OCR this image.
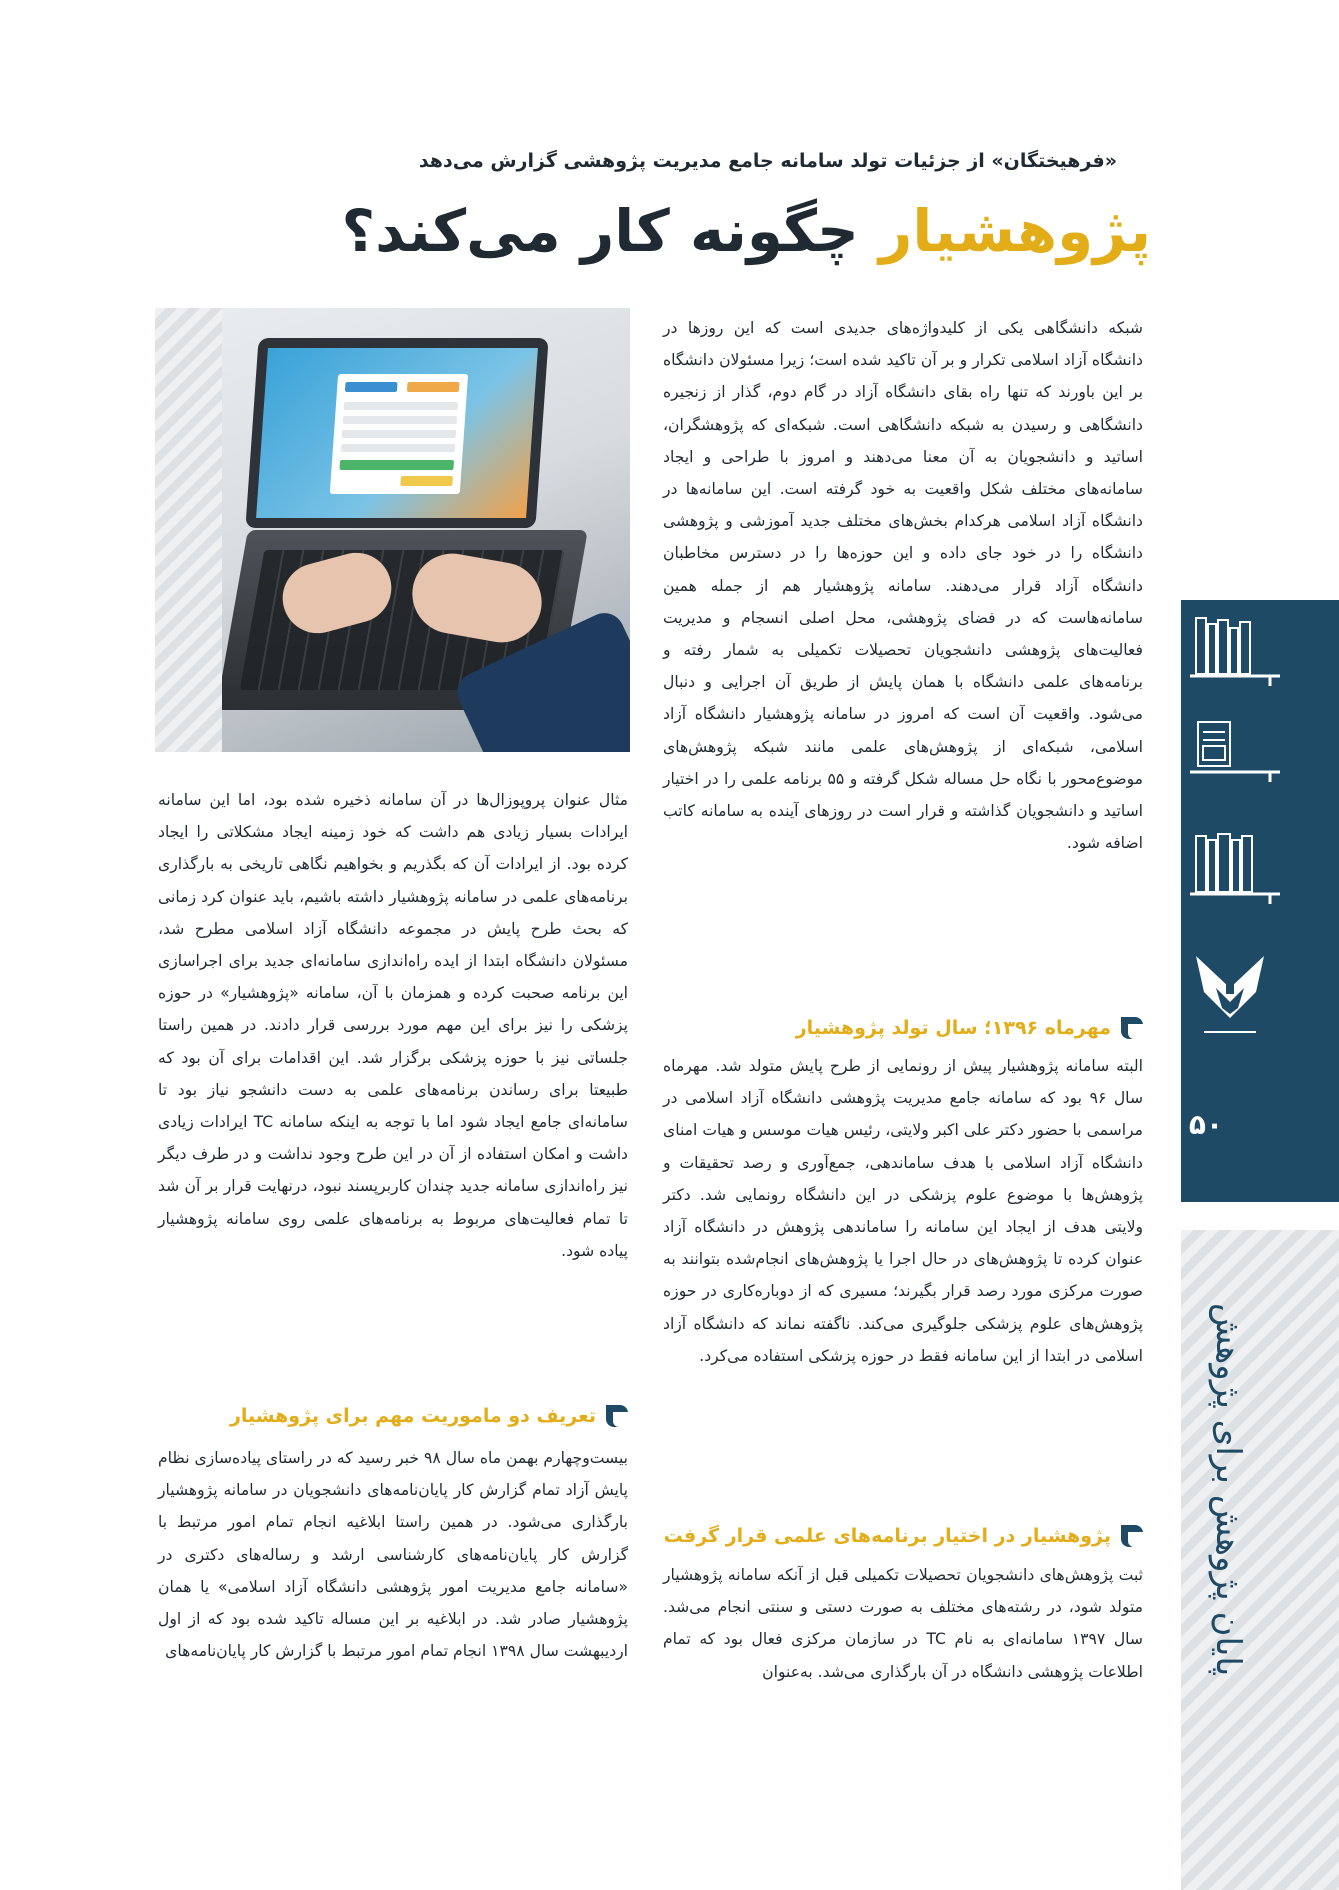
«فرهیختگان» از جزئیات تولد سامانه جامع مدیریت پژوهشی گزارش می‌دهد
پژوهشیار چگونه کار می‌کند؟

شبکه دانشگاهی یکی از کلیدواژه‌های جدیدی است که این روزها در دانشگاه آزاد اسلامی تکرار و بر آن تاکید شده است؛ زیرا مسئولان دانشگاه بر این باورند که تنها راه بقای دانشگاه آزاد در گام دوم، گذار از زنجیره دانشگاهی و رسیدن به شبکه دانشگاهی است. شبکه‌ای که پژوهشگران، اساتید و دانشجویان به آن معنا می‌دهند و امروز با طراحی و ایجاد سامانه‌های مختلف شکل واقعیت به خود گرفته است. این سامانه‌ها در دانشگاه آزاد اسلامی هرکدام بخش‌های مختلف جدید آموزشی و پژوهشی دانشگاه را در خود جای داده و این حوزه‌ها را در دسترس مخاطبان دانشگاه آزاد قرار می‌دهند. سامانه پژوهشیار هم از جمله همین سامانه‌هاست که در فضای پژوهشی، محل اصلی انسجام و مدیریت فعالیت‌های پژوهشی دانشجویان تحصیلات تکمیلی به شمار رفته و برنامه‌های علمی دانشگاه با همان پایش از طریق آن اجرایی و دنبال می‌شود. واقعیت آن است که امروز در سامانه پژوهشیار دانشگاه آزاد اسلامی، شبکه‌ای از پژوهش‌های علمی مانند شبکه پژوهش‌های موضوع‌محور با نگاه حل مساله شکل گرفته و ۵۵ برنامه علمی را در اختیار اساتید و دانشجویان گذاشته و قرار است در روزهای آینده به سامانه کاتب اضافه شود.

مهرماه ۱۳۹۶؛ سال تولد پژوهشیار

البته سامانه پژوهشیار پیش از رونمایی از طرح پایش متولد شد. مهرماه سال ۹۶ بود که سامانه جامع مدیریت پژوهشی دانشگاه آزاد اسلامی در مراسمی با حضور دکتر علی اکبر ولایتی، رئیس هیات موسس و هیات امنای دانشگاه آزاد اسلامی با هدف ساماندهی، جمع‌آوری و رصد تحقیقات و پژوهش‌ها با موضوع علوم پزشکی در این دانشگاه رونمایی شد. دکتر ولایتی هدف از ایجاد این سامانه را ساماندهی پژوهش در دانشگاه آزاد عنوان کرده تا پژوهش‌های در حال اجرا یا پژوهش‌های انجام‌شده بتوانند به صورت مرکزی مورد رصد قرار بگیرند؛ مسیری که از دوباره‌کاری در حوزه پژوهش‌های علوم پزشکی جلوگیری می‌کند. ناگفته نماند که دانشگاه آزاد اسلامی در ابتدا از این سامانه فقط در حوزه پزشکی استفاده می‌کرد.

پژوهشیار در اختیار برنامه‌های علمی قرار گرفت

ثبت پژوهش‌های دانشجویان تحصیلات تکمیلی قبل از آنکه سامانه پژوهشیار متولد شود، در رشته‌های مختلف به صورت دستی و سنتی انجام می‌شد. سال ۱۳۹۷ سامانه‌ای به نام TC در سازمان مرکزی فعال بود که تمام اطلاعات پژوهشی دانشگاه در آن بارگذاری می‌شد. به‌عنوان

مثال عنوان پروپوزال‌ها در آن سامانه ذخیره شده بود، اما این سامانه ایرادات بسیار زیادی هم داشت که خود زمینه ایجاد مشکلاتی را ایجاد کرده بود. از ایرادات آن که بگذریم و بخواهیم نگاهی تاریخی به بارگذاری برنامه‌های علمی در سامانه پژوهشیار داشته باشیم، باید عنوان کرد زمانی که بحث طرح پایش در مجموعه دانشگاه آزاد اسلامی مطرح شد، مسئولان دانشگاه ابتدا از ایده راه‌اندازی سامانه‌ای جدید برای اجراسازی این برنامه صحبت کرده و همزمان با آن، سامانه «پژوهشیار» در حوزه پزشکی را نیز برای این مهم مورد بررسی قرار دادند. در همین راستا جلساتی نیز با حوزه پزشکی برگزار شد. این اقدامات برای آن بود که طبیعتا برای رساندن برنامه‌های علمی به دست دانشجو نیاز بود تا سامانه‌ای جامع ایجاد شود اما با توجه به اینکه سامانه TC ایرادات زیادی داشت و امکان استفاده از آن در این طرح وجود نداشت و در طرف دیگر نیز راه‌اندازی سامانه جدید چندان کاربرپسند نبود، درنهایت قرار بر آن شد تا تمام فعالیت‌های مربوط به برنامه‌های علمی روی سامانه پژوهشیار پیاده شود.

تعریف دو ماموریت مهم برای پژوهشیار

بیست‌وچهارم بهمن ماه سال ۹۸ خبر رسید که در راستای پیاده‌سازی نظام پایش آزاد تمام گزارش کار پایان‌نامه‌های دانشجویان در سامانه پژوهشیار بارگذاری می‌شود. در همین راستا ابلاغیه انجام تمام امور مرتبط با گزارش کار پایان‌نامه‌های کارشناسی ارشد و رساله‌های دکتری در «سامانه جامع مدیریت امور پژوهشی دانشگاه آزاد اسلامی» یا همان پژوهشیار صادر شد. در ابلاغیه بر این مساله تاکید شده بود که از اول اردیبهشت سال ۱۳۹۸ انجام تمام امور مرتبط با گزارش کار پایان‌نامه‌های

۵۰
پایان پژوهش برای پژوهش
